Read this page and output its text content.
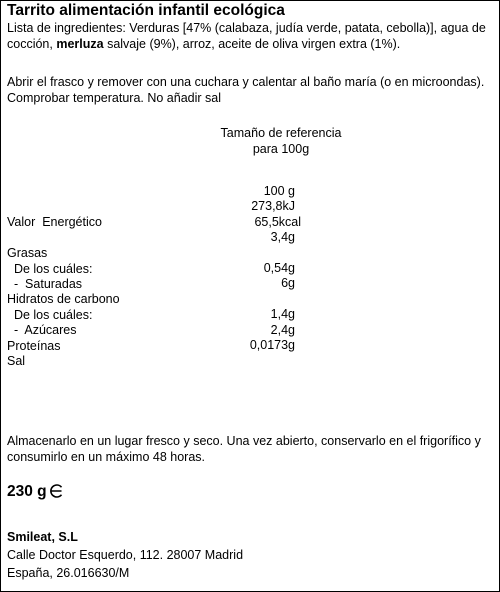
Tarrito alimentación infantil ecológica
Lista de ingredientes: Verduras [47% (calabaza, judía verde, patata, cebolla)], agua de cocción, merluza salvaje (9%), arroz, aceite de oliva virgen extra (1%).
Abrir el frasco y remover con una cuchara y calentar al baño maría (o en microondas). Comprobar temperatura. No añadir sal
Tamaño de referencia
para 100g

100 g

Valor  Energético

273,8kJ

65,5kcal

Grasas

3,4g

De los cuáles:

-  Saturadas

0,54g

Hidratos de carbono

6g

De los cuáles:

-  Azúcares

1,4g

Proteínas

2,4g

Sal

0,0173g

Almacenarlo en un lugar fresco y seco. Una vez abierto, conservarlo en el frigorífico y consumirlo en un máximo 48 horas.
230 g
Smileat, S.L
Calle Doctor Esquerdo, 112. 28007 Madrid
España, 26.016630/M
